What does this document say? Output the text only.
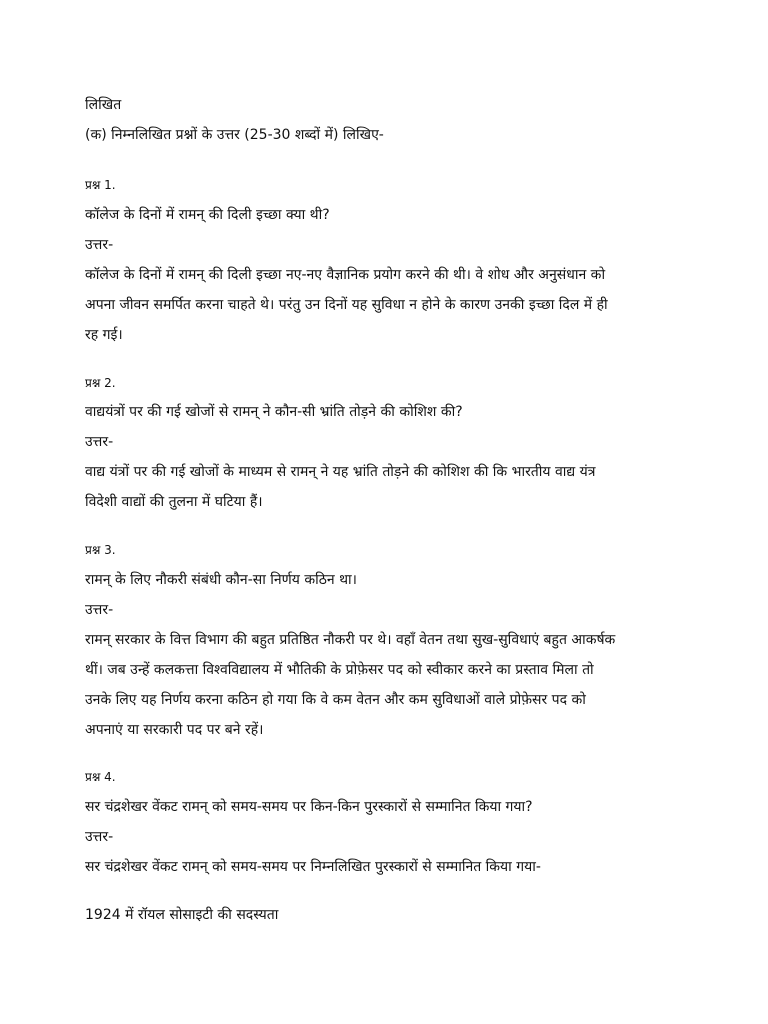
लिखित
(क) निम्नलिखित प्रश्नों के उत्तर (25-30 शब्दों में) लिखिए-
प्रश्न 1.
कॉलेज के दिनों में रामन् की दिली इच्छा क्या थी?
उत्तर-
कॉलेज के दिनों में रामन् की दिली इच्छा नए-नए वैज्ञानिक प्रयोग करने की थी। वे शोध और अनुसंधान को
अपना जीवन समर्पित करना चाहते थे। परंतु उन दिनों यह सुविधा न होने के कारण उनकी इच्छा दिल में ही
रह गई।
प्रश्न 2.
वाद्ययंत्रों पर की गई खोजों से रामन् ने कौन-सी भ्रांति तोड़ने की कोशिश की?
उत्तर-
वाद्य यंत्रों पर की गई खोजों के माध्यम से रामन् ने यह भ्रांति तोड़ने की कोशिश की कि भारतीय वाद्य यंत्र
विदेशी वाद्यों की तुलना में घटिया हैं।
प्रश्न 3.
रामन् के लिए नौकरी संबंधी कौन-सा निर्णय कठिन था।
उत्तर-
रामन् सरकार के वित्त विभाग की बहुत प्रतिष्ठित नौकरी पर थे। वहाँ वेतन तथा सुख-सुविधाएं बहुत आकर्षक
थीं। जब उन्हें कलकत्ता विश्वविद्यालय में भौतिकी के प्रोफ़ेसर पद को स्वीकार करने का प्रस्ताव मिला तो
उनके लिए यह निर्णय करना कठिन हो गया कि वे कम वेतन और कम सुविधाओं वाले प्रोफ़ेसर पद को
अपनाएं या सरकारी पद पर बने रहें।
प्रश्न 4.
सर चंद्रशेखर वेंकट रामन् को समय-समय पर किन-किन पुरस्कारों से सम्मानित किया गया?
उत्तर-
सर चंद्रशेखर वेंकट रामन् को समय-समय पर निम्नलिखित पुरस्कारों से सम्मानित किया गया-
1924 में रॉयल सोसाइटी की सदस्यता
